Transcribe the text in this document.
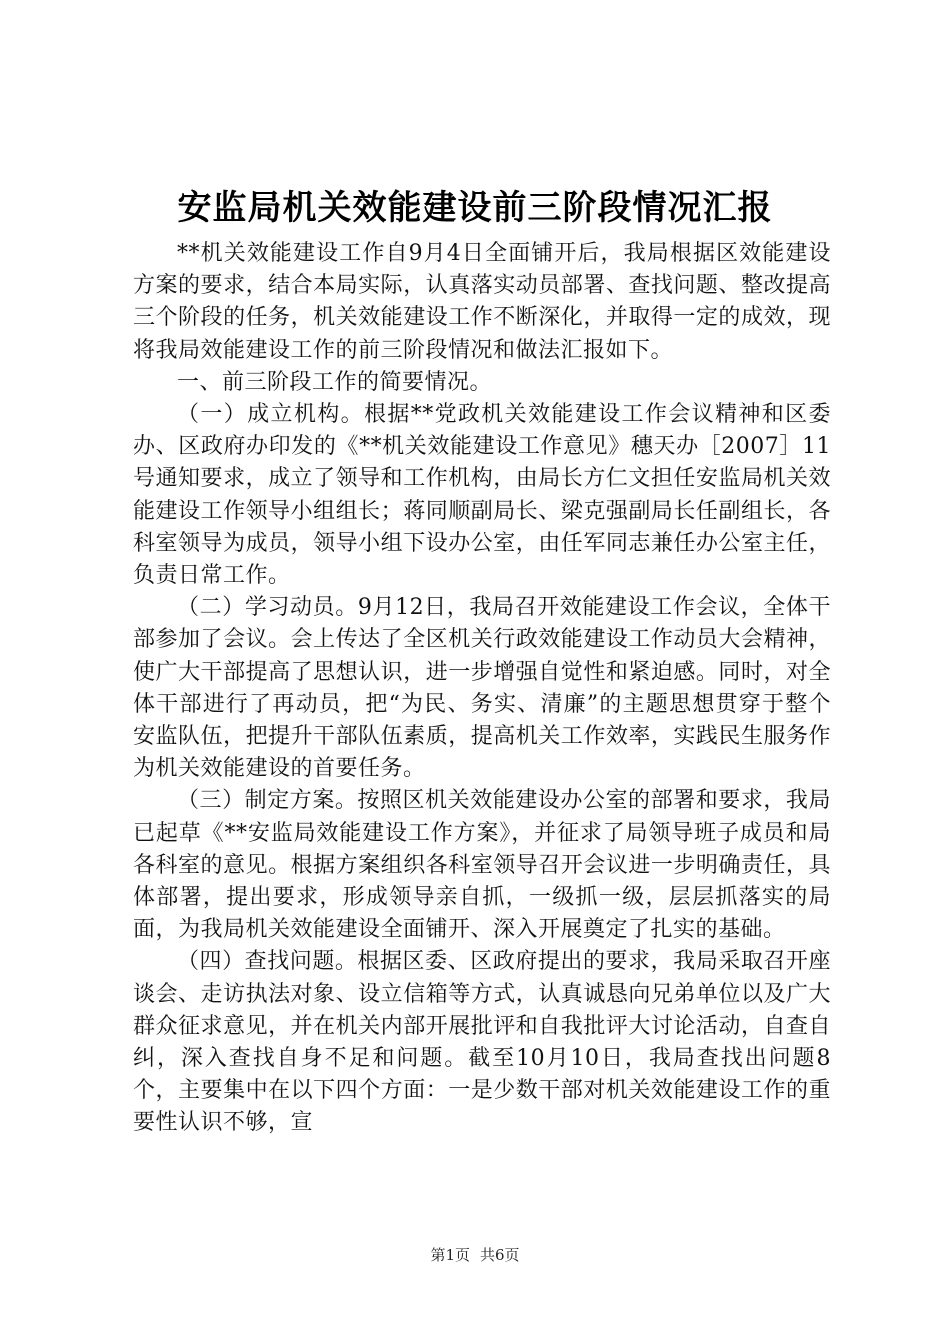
安监局机关效能建设前三阶段情况汇报

**机关效能建设工作自9月4日全面铺开后，我局根据区效能建设方案的要求，结合本局实际，认真落实动员部署、查找问题、整改提高三个阶段的任务，机关效能建设工作不断深化，并取得一定的成效，现将我局效能建设工作的前三阶段情况和做法汇报如下。

一、前三阶段工作的简要情况。

（一）成立机构。根据**党政机关效能建设工作会议精神和区委办、区政府办印发的《**机关效能建设工作意见》穗天办［2007］11号通知要求，成立了领导和工作机构，由局长方仁文担任安监局机关效能建设工作领导小组组长；蒋同顺副局长、梁克强副局长任副组长，各科室领导为成员，领导小组下设办公室，由任军同志兼任办公室主任，负责日常工作。

（二）学习动员。9月12日，我局召开效能建设工作会议，全体干部参加了会议。会上传达了全区机关行政效能建设工作动员大会精神，使广大干部提高了思想认识，进一步增强自觉性和紧迫感。同时，对全体干部进行了再动员，把“为民、务实、清廉”的主题思想贯穿于整个安监队伍，把提升干部队伍素质，提高机关工作效率，实践民生服务作为机关效能建设的首要任务。

（三）制定方案。按照区机关效能建设办公室的部署和要求，我局已起草《**安监局效能建设工作方案》，并征求了局领导班子成员和局各科室的意见。根据方案组织各科室领导召开会议进一步明确责任，具体部署，提出要求，形成领导亲自抓，一级抓一级，层层抓落实的局面，为我局机关效能建设全面铺开、深入开展奠定了扎实的基础。

（四）查找问题。根据区委、区政府提出的要求，我局采取召开座谈会、走访执法对象、设立信箱等方式，认真诚恳向兄弟单位以及广大群众征求意见，并在机关内部开展批评和自我批评大讨论活动，自查自纠，深入查找自身不足和问题。截至10月10日，我局查找出问题8个，主要集中在以下四个方面：一是少数干部对机关效能建设工作的重要性认识不够，宣

第1页 共6页
